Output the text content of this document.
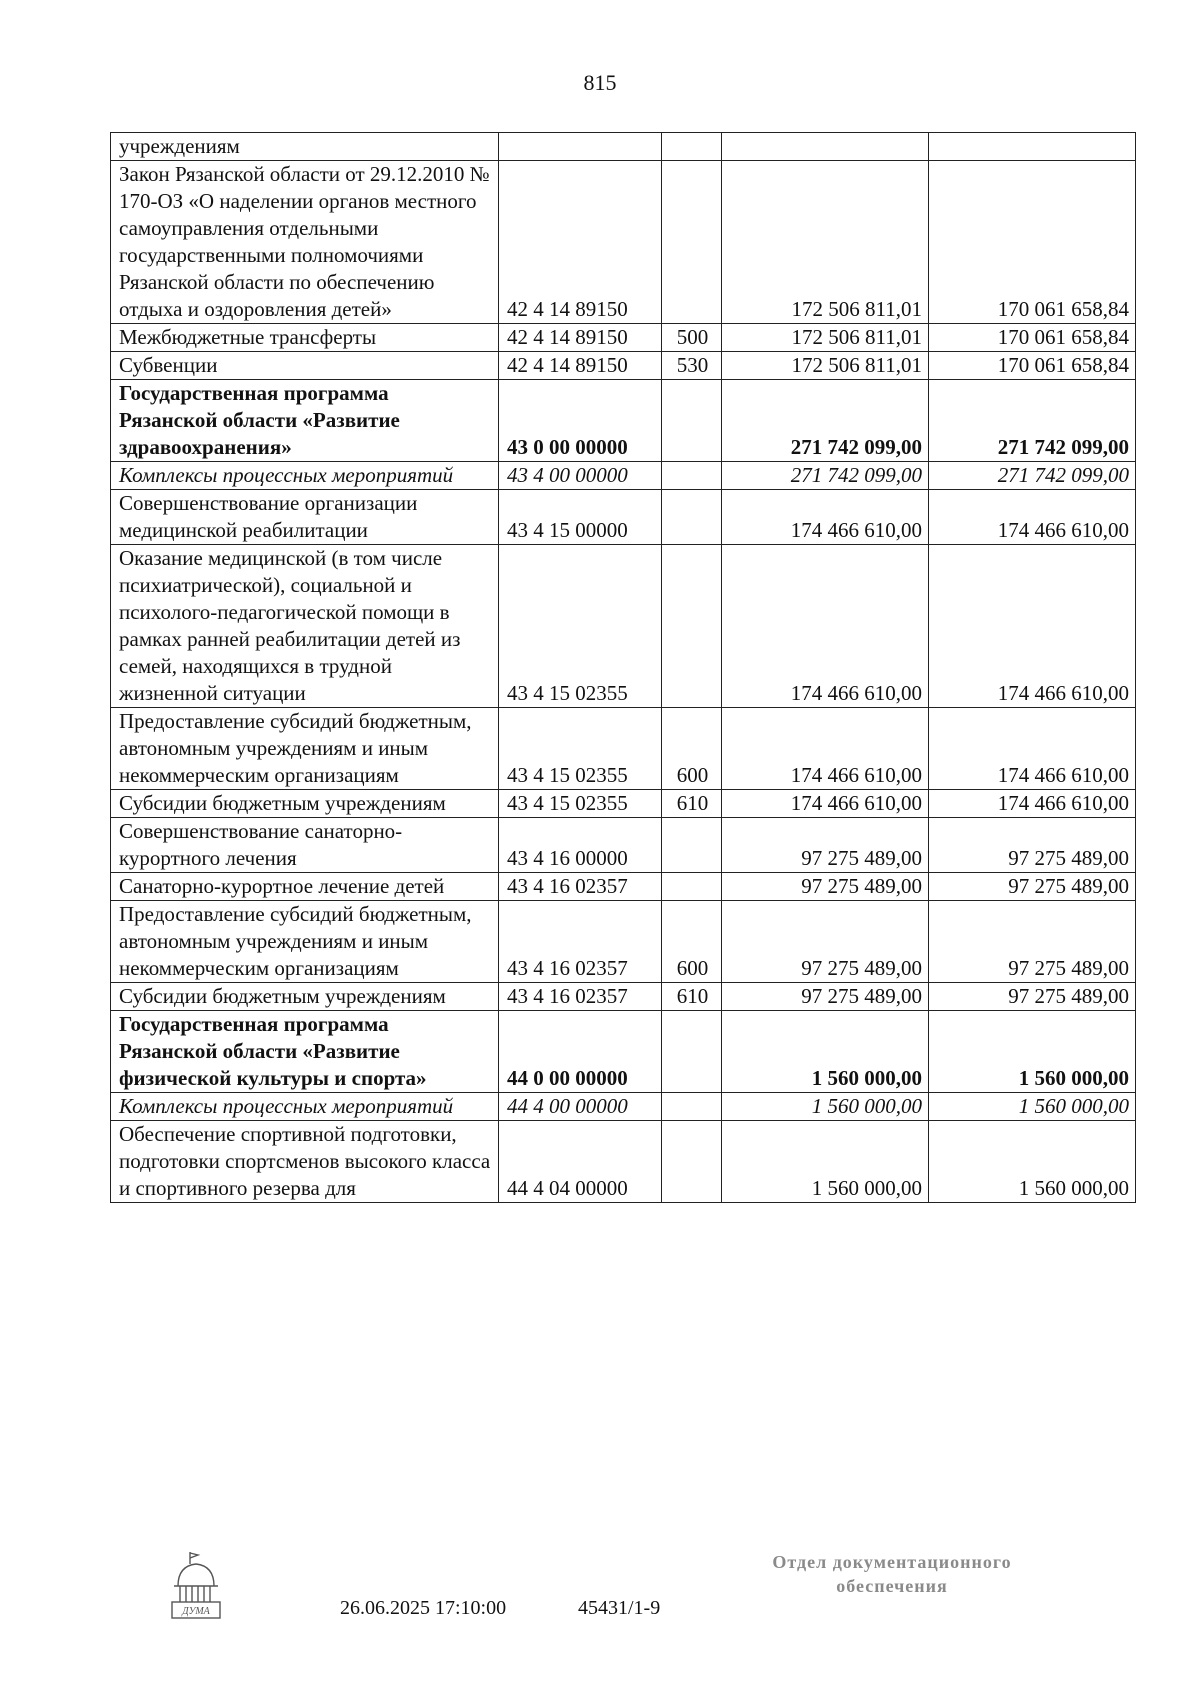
815
учреждениям				
Закон Рязанской области от 29.12.2010 № 170-ОЗ «О наделении органов местного самоуправления отдельными государственными полномочиями Рязанской области по обеспечению отдыха и оздоровления детей»	42 4 14 89150		172 506 811,01	170 061 658,84
Межбюджетные трансферты	42 4 14 89150	500	172 506 811,01	170 061 658,84
Субвенции	42 4 14 89150	530	172 506 811,01	170 061 658,84
Государственная программа Рязанской области «Развитие здравоохранения»	43 0 00 00000		271 742 099,00	271 742 099,00
Комплексы процессных мероприятий	43 4 00 00000		271 742 099,00	271 742 099,00
Совершенствование организации медицинской реабилитации	43 4 15 00000		174 466 610,00	174 466 610,00
Оказание медицинской (в том числе психиатрической), социальной и психолого-педагогической помощи в рамках ранней реабилитации детей из семей, находящихся в трудной жизненной ситуации	43 4 15 02355		174 466 610,00	174 466 610,00
Предоставление субсидий бюджетным, автономным учреждениям и иным некоммерческим организациям	43 4 15 02355	600	174 466 610,00	174 466 610,00
Субсидии бюджетным учреждениям	43 4 15 02355	610	174 466 610,00	174 466 610,00
Совершенствование санаторно-курортного лечения	43 4 16 00000		97 275 489,00	97 275 489,00
Санаторно-курортное лечение детей	43 4 16 02357		97 275 489,00	97 275 489,00
Предоставление субсидий бюджетным, автономным учреждениям и иным некоммерческим организациям	43 4 16 02357	600	97 275 489,00	97 275 489,00
Субсидии бюджетным учреждениям	43 4 16 02357	610	97 275 489,00	97 275 489,00
Государственная программа Рязанской области «Развитие физической культуры и спорта»	44 0 00 00000		1 560 000,00	1 560 000,00
Комплексы процессных мероприятий	44 4 00 00000		1 560 000,00	1 560 000,00
Обеспечение спортивной подготовки, подготовки спортсменов высокого класса и спортивного резерва для	44 4 04 00000		1 560 000,00	1 560 000,00
ДУМА	26.06.2025 17:10:00	45431/1-9
Отдел документационного
обеспечения
